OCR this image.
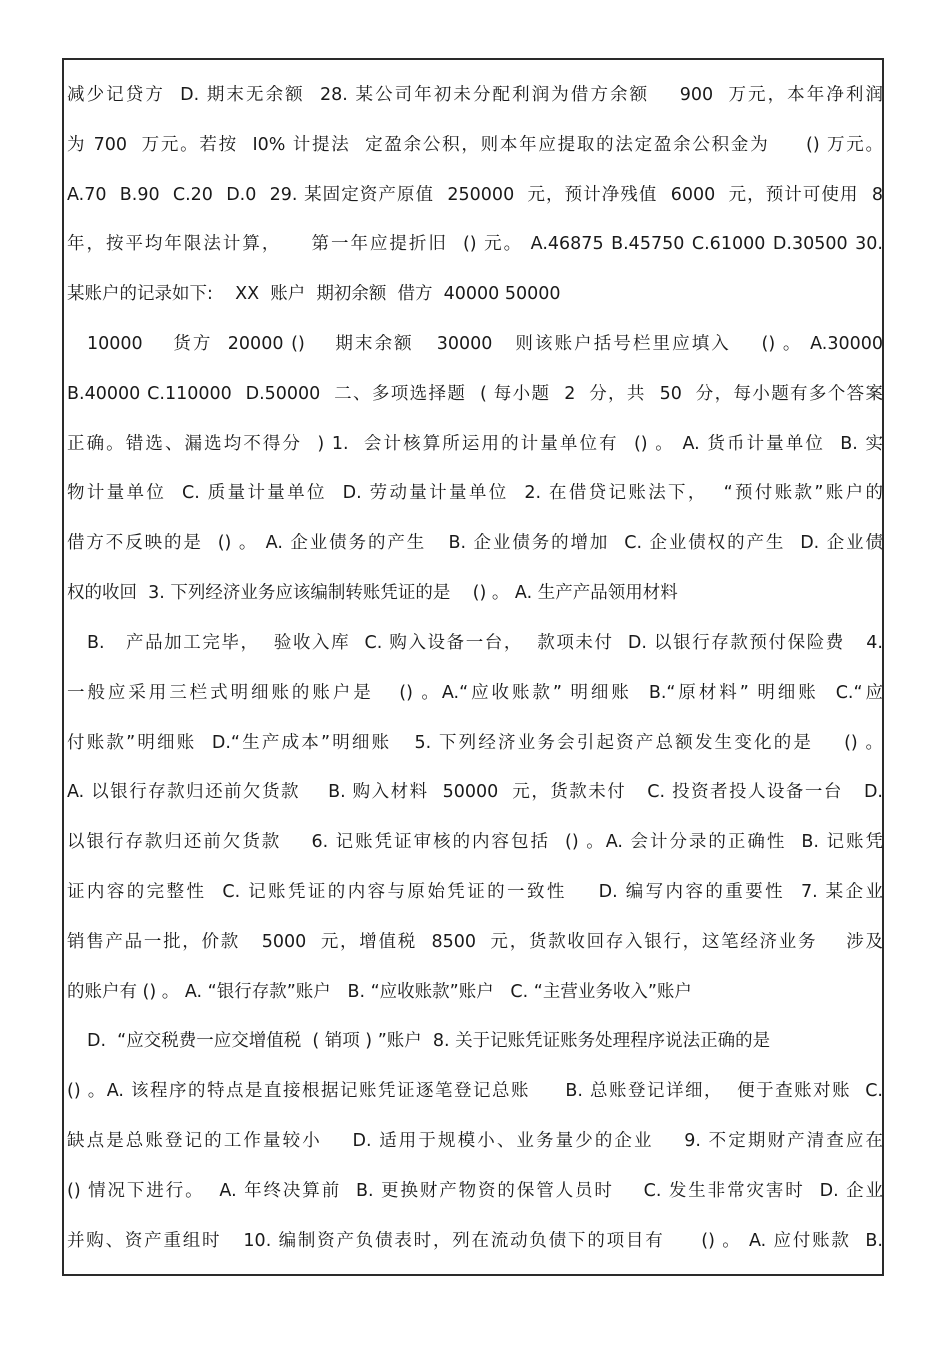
减少记贷方  D. 期末无余额  28. 某公司年初未分配利润为借方余额    900  万元，本年净利润
为 700  万元。若按  I0% 计提法  定盈余公积，则本年应提取的法定盈余公积金为     () 万元。
A.70  B.90  C.20  D.0  29. 某固定资产原值  250000  元，预计净残值  6000  元，预计可使用  8
年，按平均年限法计算，    第一年应提折旧  () 元。 A.46875 B.45750 C.61000 D.30500 30.
某账户的记录如下:    XX  账户  期初余额  借方  40000 50000
10000    货方  20000 ()    期末余额   30000   则该账户括号栏里应填入    () 。 A.30000
B.40000 C.110000  D.50000  二、多项选择题  ( 每小题  2  分，共  50  分，每小题有多个答案
正确。错选、漏选均不得分  ) 1.  会计核算所运用的计量单位有  () 。 A. 货币计量单位  B. 实
物计量单位  C. 质量计量单位  D. 劳动量计量单位  2. 在借贷记账法下，  “预付账款”账户的
借方不反映的是  () 。 A. 企业债务的产生   B. 企业债务的增加  C. 企业债权的产生  D. 企业债
权的收回  3. 下列经济业务应该编制转账凭证的是    () 。 A. 生产产品领用材料
B.   产品加工完毕，  验收入库  C. 购入设备一台，  款项未付  D. 以银行存款预付保险费   4.
一般应采用三栏式明细账的账户是   () 。A.“应收账款” 明细账  B.“原材料” 明细账  C.“应
付账款”明细账  D.“生产成本”明细账   5. 下列经济业务会引起资产总额发生变化的是    () 。
A. 以银行存款归还前欠货款    B. 购入材料  50000  元，货款未付   C. 投资者投人设备一台   D.
以银行存款归还前欠货款    6. 记账凭证审核的内容包括  () 。A. 会计分录的正确性  B. 记账凭
证内容的完整性  C. 记账凭证的内容与原始凭证的一致性    D. 编写内容的重要性  7. 某企业
销售产品一批，价款   5000  元，增值税  8500  元，货款收回存入银行，这笔经济业务    涉及
的账户有 () 。 A. “银行存款”账户   B. “应收账款”账户   C. “主营业务收入”账户
D.  “应交税费一应交增值税  ( 销项 ) ”账户  8. 关于记账凭证账务处理程序说法正确的是
() 。A. 该程序的特点是直接根据记账凭证逐笔登记总账     B. 总账登记详细，  便于查账对账  C.
缺点是总账登记的工作量较小    D. 适用于规模小、业务量少的企业    9. 不定期财产清查应在
() 情况下进行。  A. 年终决算前  B. 更换财产物资的保管人员时    C. 发生非常灾害时  D. 企业
并购、资产重组时   10. 编制资产负债表时，列在流动负债下的项目有     () 。 A. 应付账款  B.
